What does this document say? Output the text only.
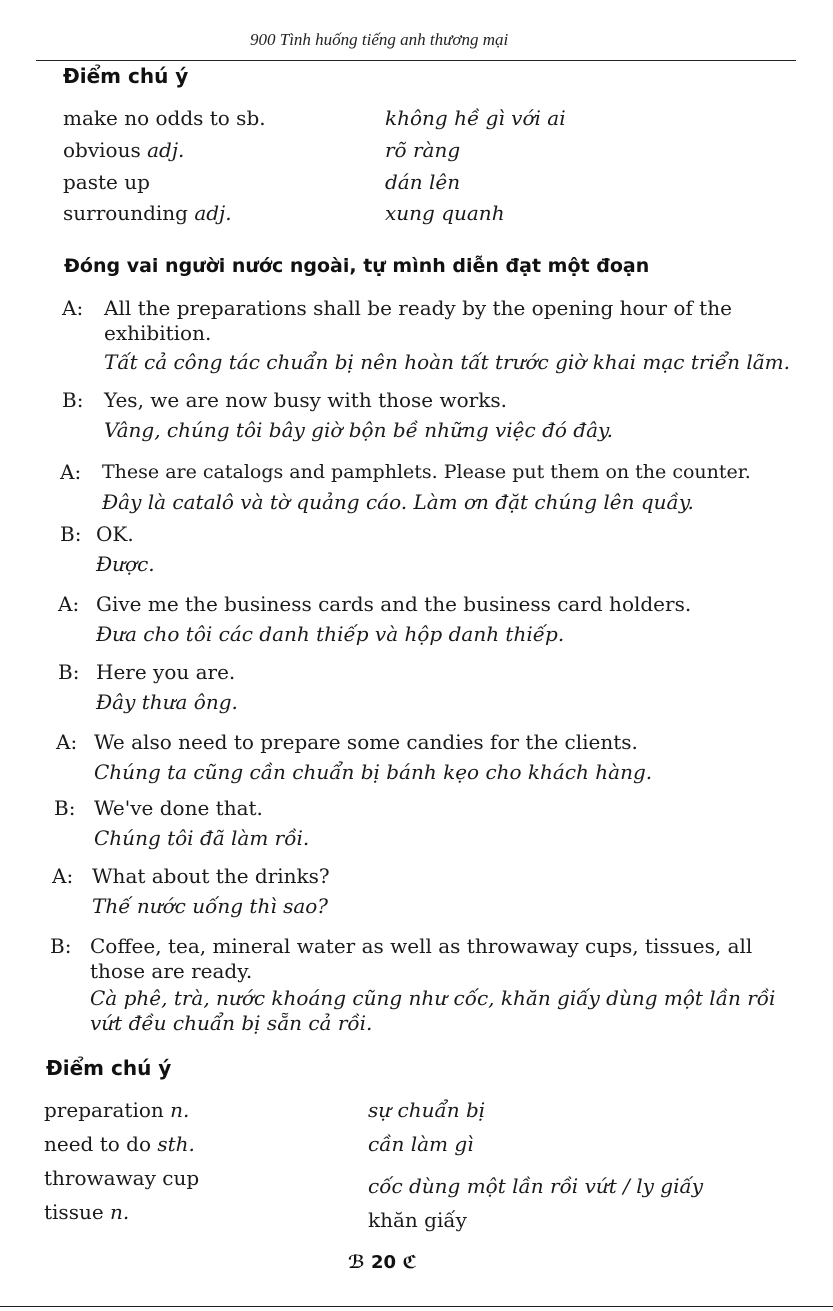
900 Tình huống tiếng anh thương mại
Điểm chú ý
make no odds to sb.	không hề gì với ai
obvious adj.	rõ ràng
paste up	dán lên
surrounding adj.	xung quanh
Đóng vai người nước ngoài, tự mình diễn đạt một đoạn
A: All the preparations shall be ready by the opening hour of the exhibition.
Tất cả công tác chuẩn bị nên hoàn tất trước giờ khai mạc triển lãm.
B: Yes, we are now busy with those works.
Vâng, chúng tôi bây giờ bộn bề những việc đó đây.
A: These are catalogs and pamphlets. Please put them on the counter.
Đây là catalô và tờ quảng cáo. Làm ơn đặt chúng lên quầy.
B: OK.
Được.
A: Give me the business cards and the business card holders.
Đưa cho tôi các danh thiếp và hộp danh thiếp.
B: Here you are.
Đây thưa ông.
A: We also need to prepare some candies for the clients.
Chúng ta cũng cần chuẩn bị bánh kẹo cho khách hàng.
B: We've done that.
Chúng tôi đã làm rồi.
A: What about the drinks?
Thế nước uống thì sao?
B: Coffee, tea, mineral water as well as throwaway cups, tissues, all those are ready.
Cà phê, trà, nước khoáng cũng như cốc, khăn giấy dùng một lần rồi vứt đều chuẩn bị sẵn cả rồi.
Điểm chú ý
preparation n.	sự chuẩn bị
need to do sth.	cần làm gì
throwaway cup	cốc dùng một lần rồi vứt / ly giấy
tissue n.	khăn giấy
ℬ 20 ℭ
